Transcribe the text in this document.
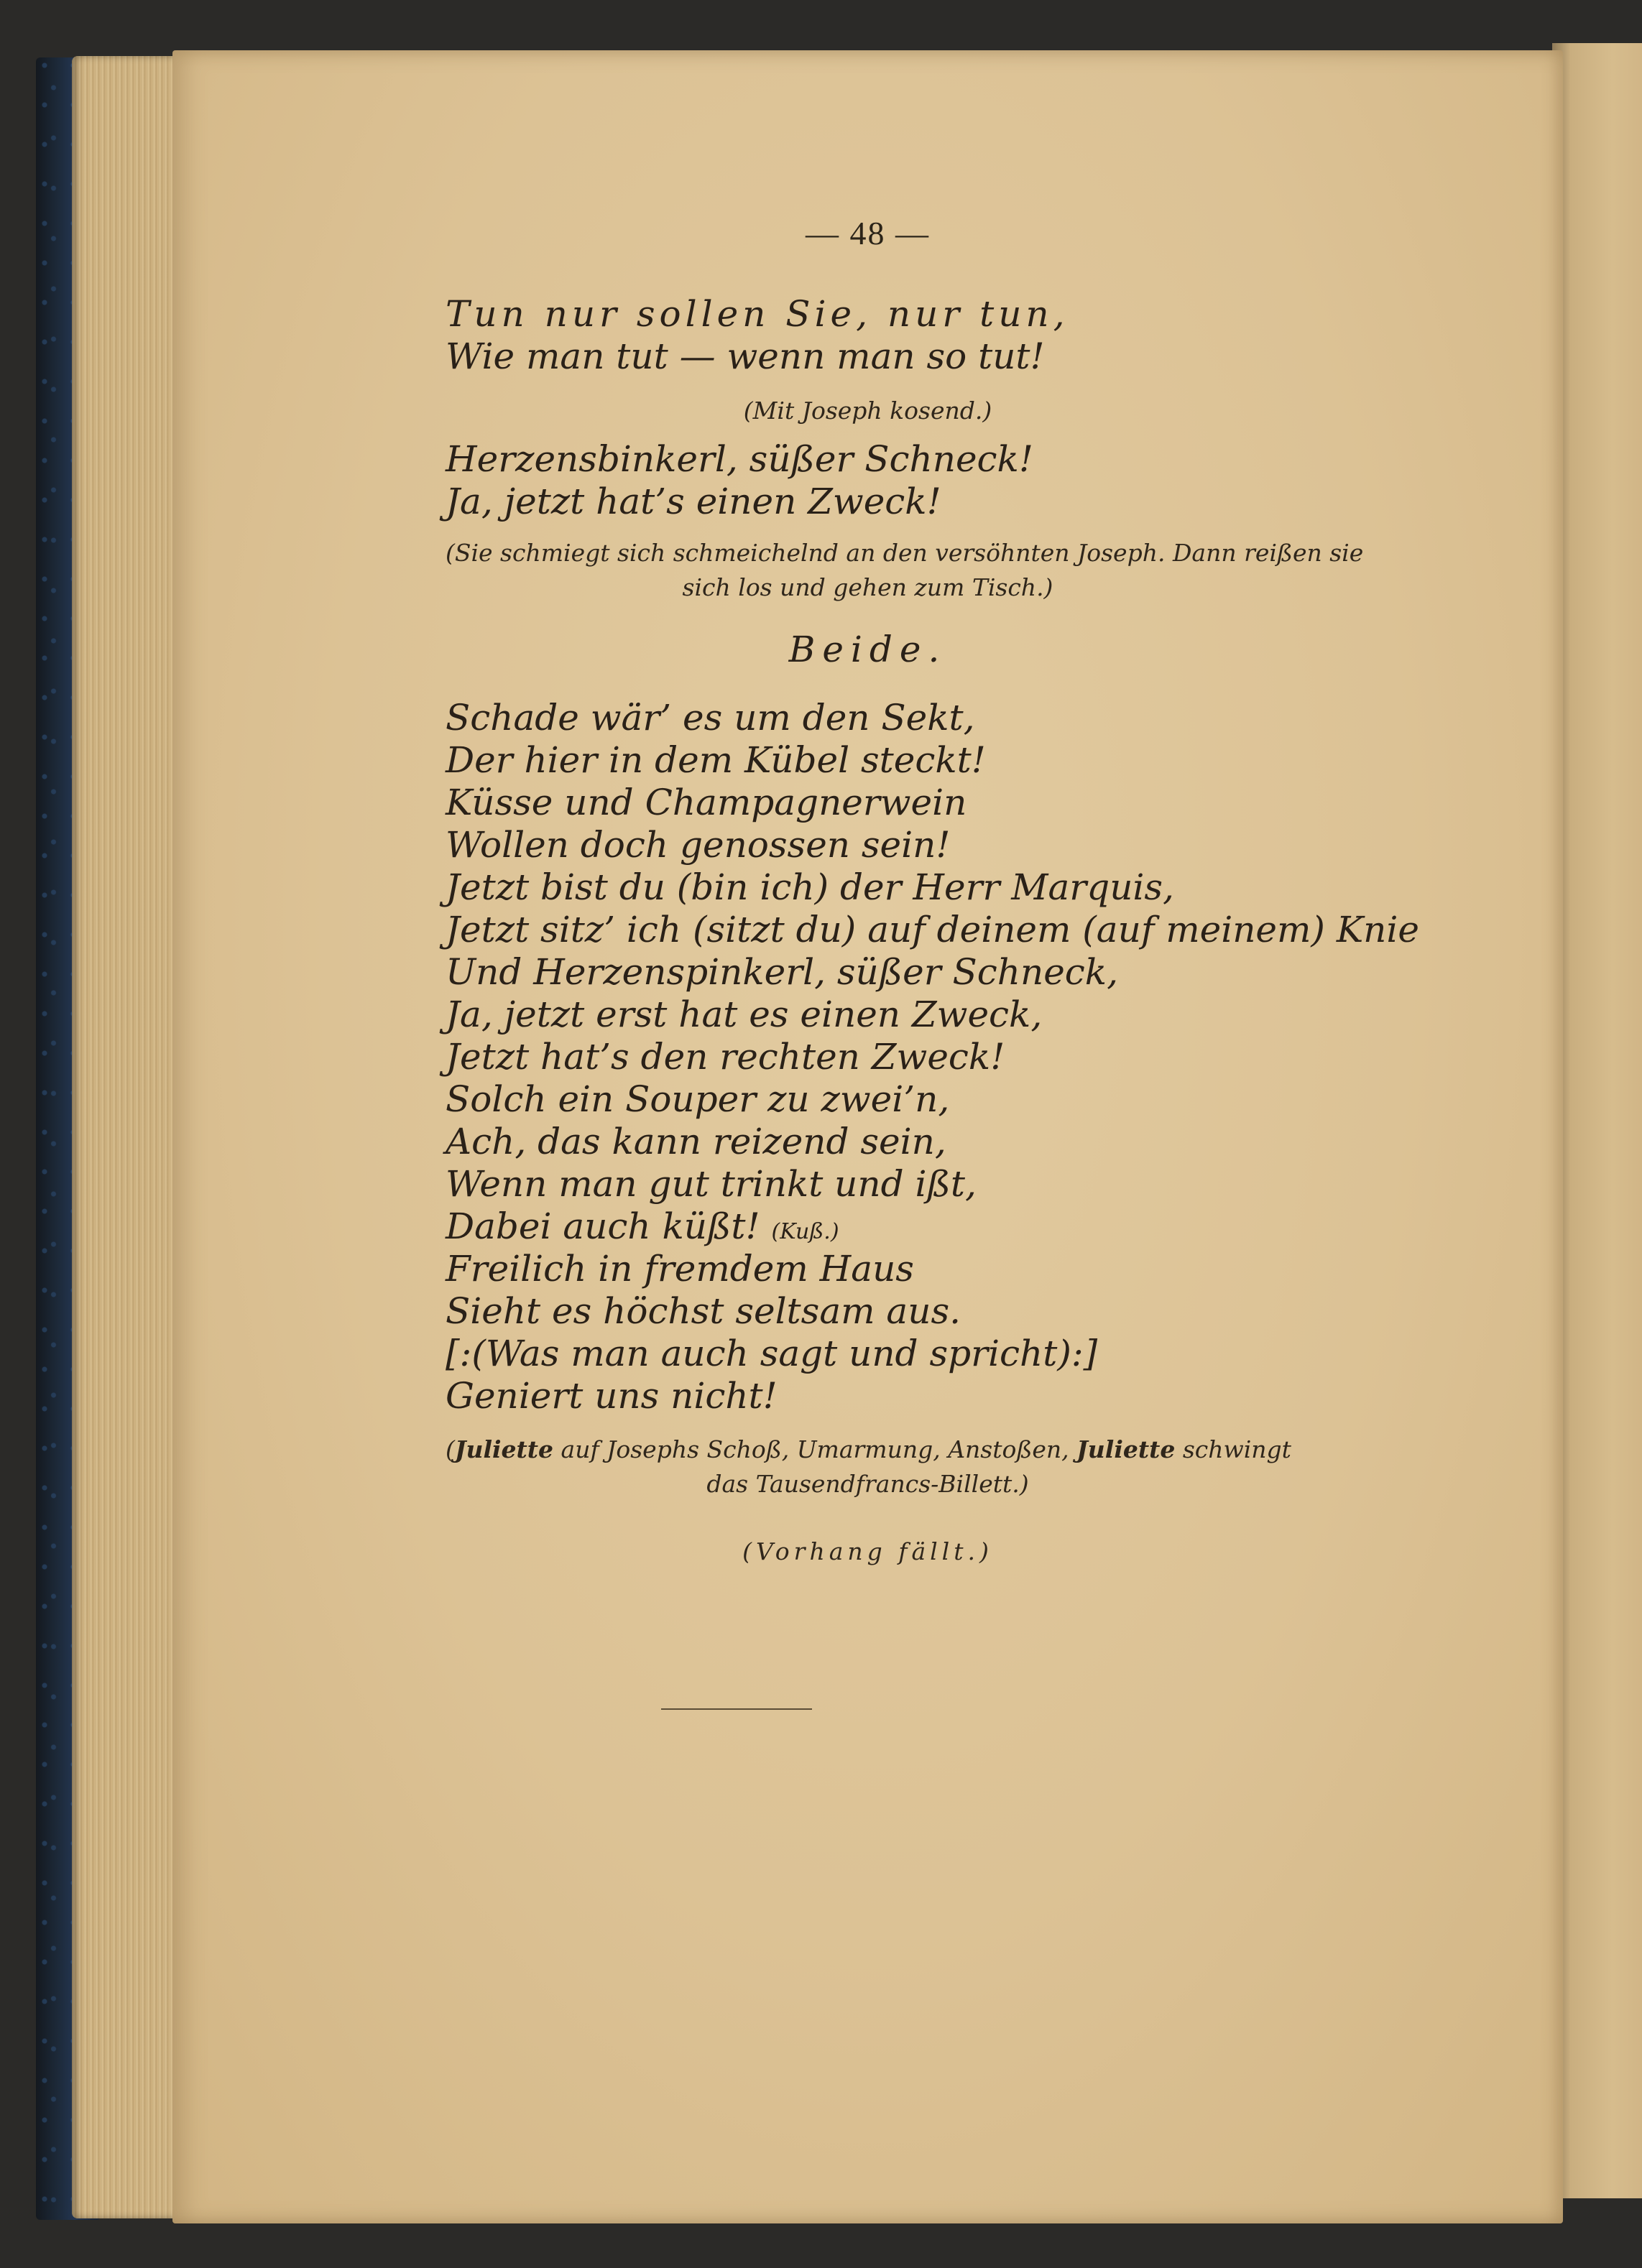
— 48 —
Tun nur sollen Sie, nur tun,
Wie man tut — wenn man so tut!
(Mit Joseph kosend.)
Herzensbinkerl, süßer Schneck!
Ja, jetzt hat’s einen Zweck!
(Sie schmiegt sich schmeichelnd an den versöhnten Joseph. Dann reißen sie
sich los und gehen zum Tisch.)
Beide.
Schade wär’ es um den Sekt,
Der hier in dem Kübel steckt!
Küsse und Champagnerwein
Wollen doch genossen sein!
Jetzt bist du (bin ich) der Herr Marquis,
Jetzt sitz’ ich (sitzt du) auf deinem (auf meinem) Knie
Und Herzenspinkerl, süßer Schneck,
Ja, jetzt erst hat es einen Zweck,
Jetzt hat’s den rechten Zweck!
Solch ein Souper zu zwei’n,
Ach, das kann reizend sein,
Wenn man gut trinkt und ißt,
Dabei auch küßt! (Kuß.)
Freilich in fremdem Haus
Sieht es höchst seltsam aus.
[:(Was man auch sagt und spricht):]
Geniert uns nicht!
(Juliette auf Josephs Schoß, Umarmung, Anstoßen, Juliette schwingt
das Tausendfrancs-Billett.)
(Vorhang fällt.)
